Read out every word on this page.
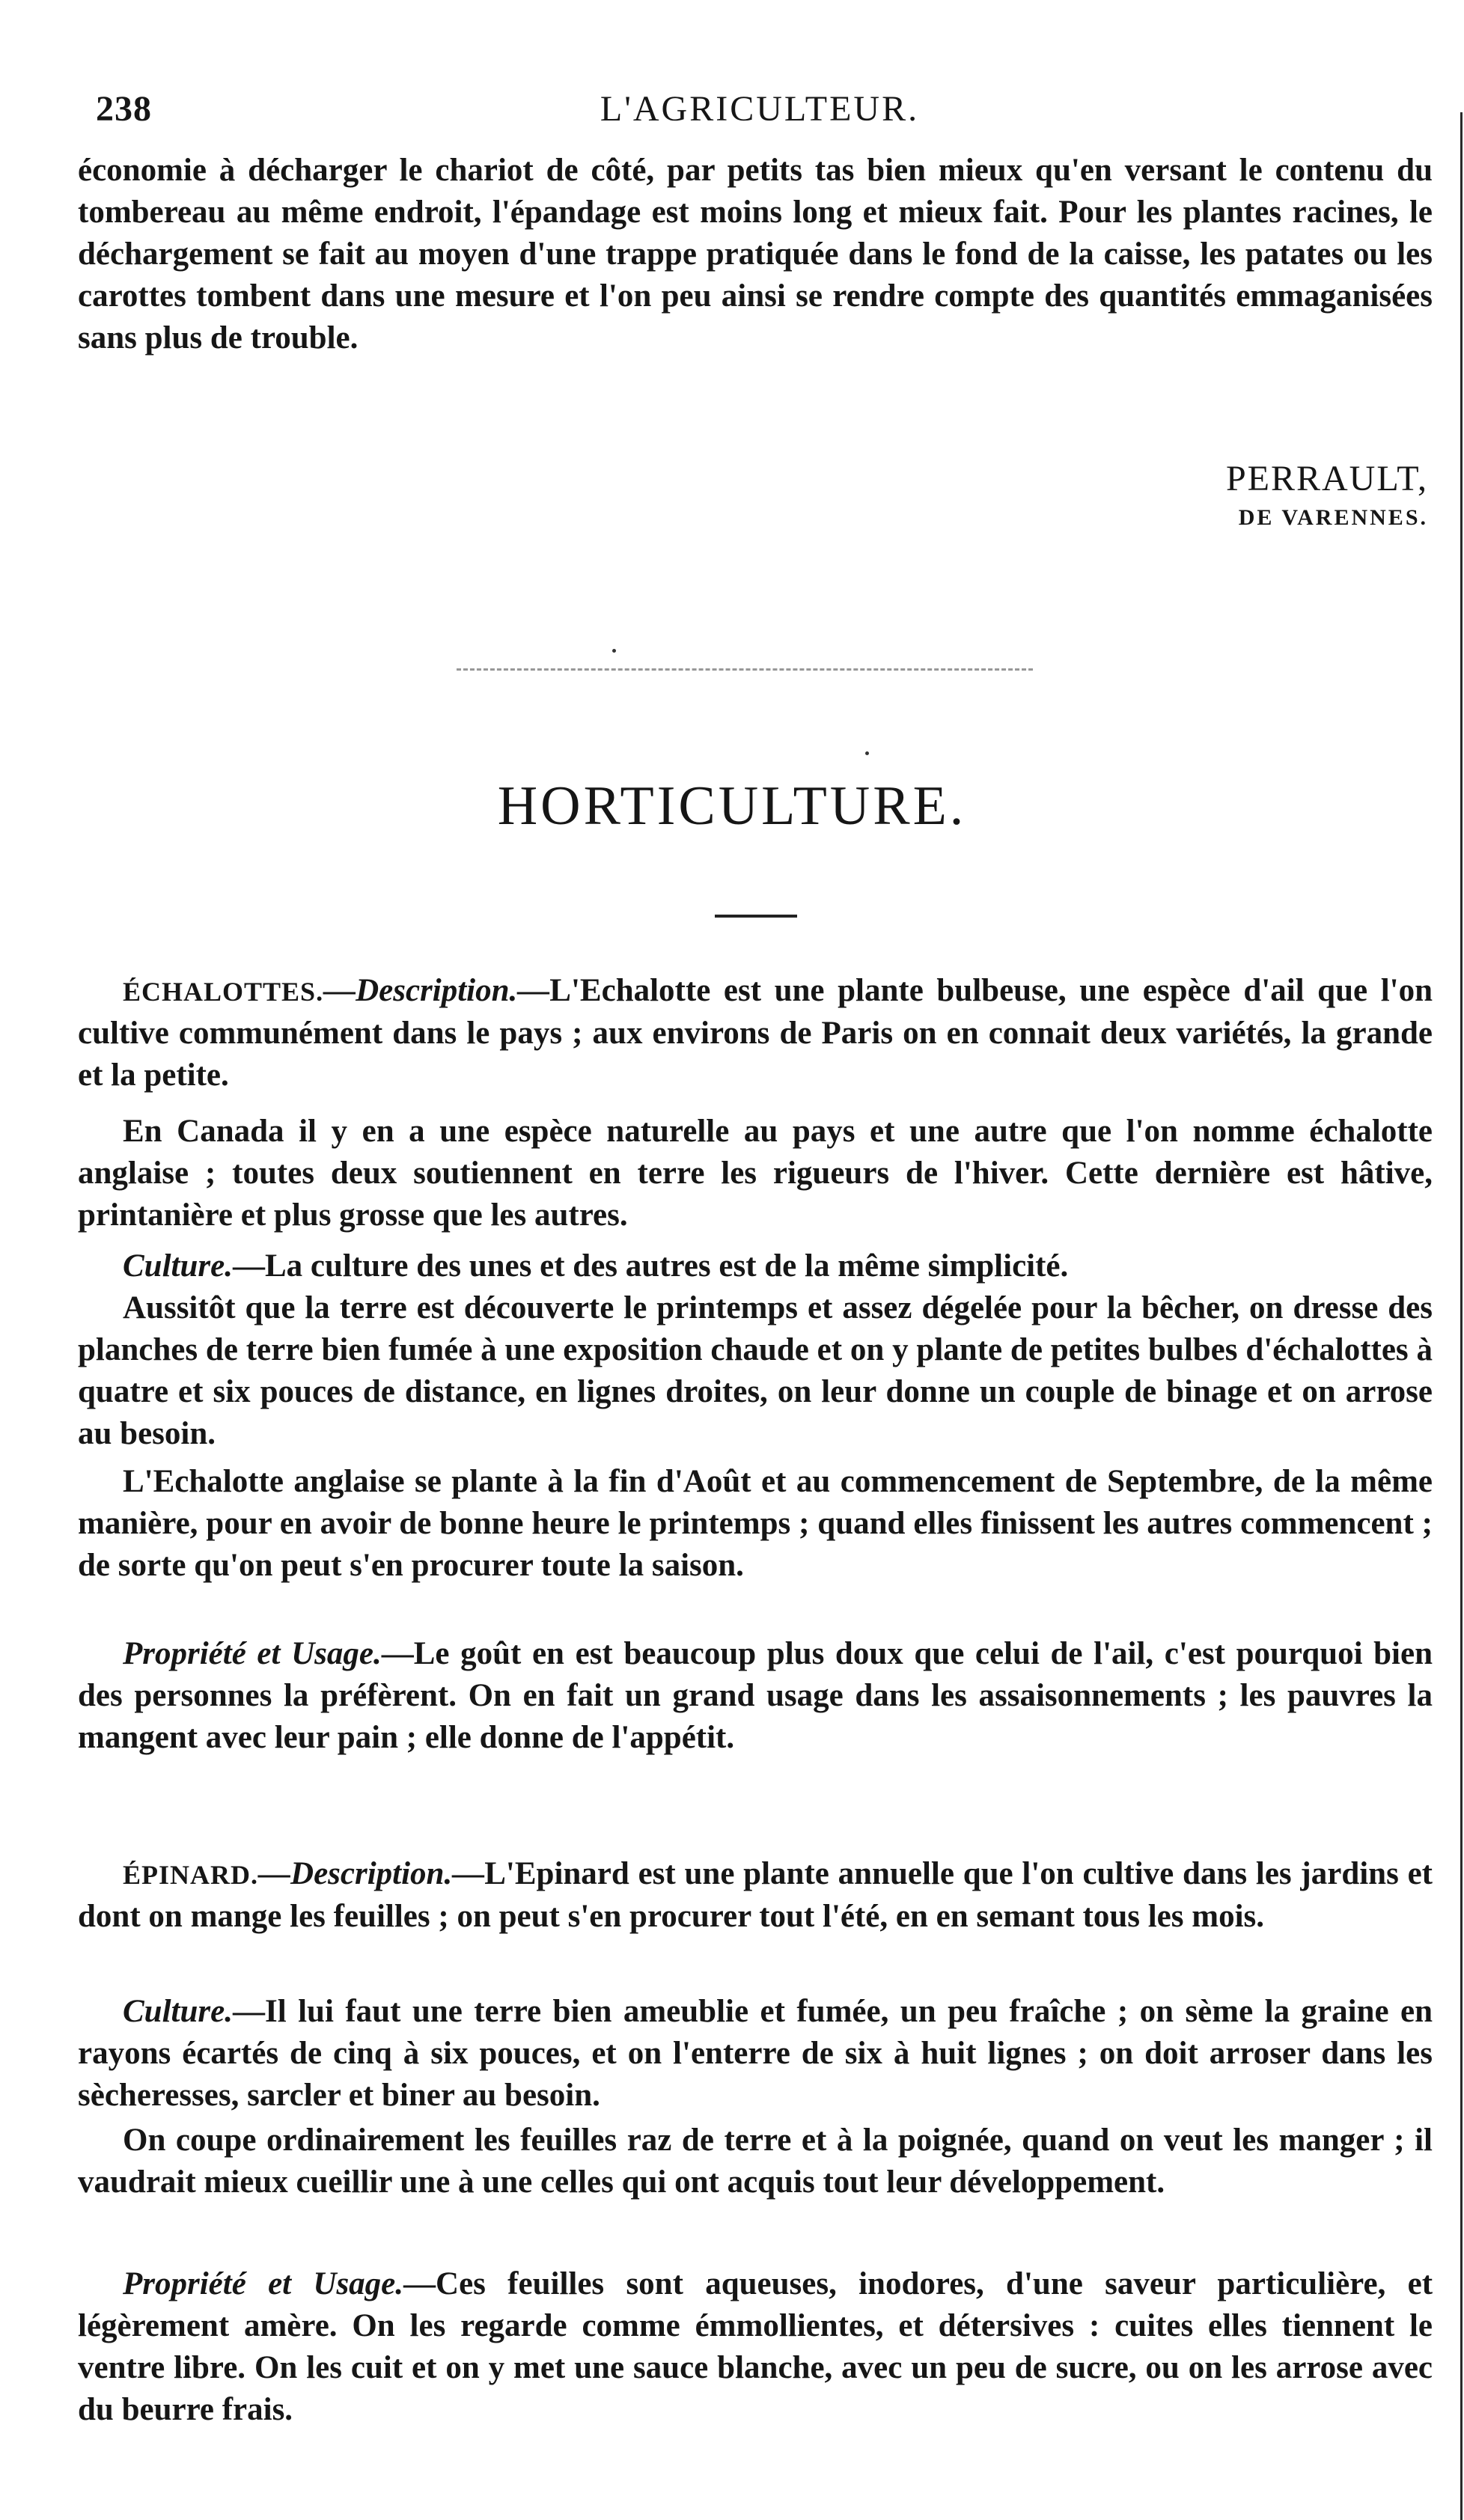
238	L'AGRICULTEUR.

économie à décharger le chariot de côté, par petits tas bien mieux qu'en versant le contenu du tombereau au même endroit, l'épandage est moins long et mieux fait. Pour les plantes racines, le déchargement se fait au moyen d'une trappe pratiquée dans le fond de la caisse, les patates ou les carottes tombent dans une mesure et l'on peu ainsi se rendre compte des quantités emmaganisées sans plus de trouble.

PERRAULT,
DE VARENNES.
HORTICULTURE.

ÉCHALOTTES.—Description.—L'Echalotte est une plante bulbeuse, une espèce d'ail que l'on cultive communément dans le pays ; aux environs de Paris on en connait deux variétés, la grande et la petite.

En Canada il y en a une espèce naturelle au pays et une autre que l'on nomme échalotte anglaise ; toutes deux soutiennent en terre les rigueurs de l'hiver. Cette dernière est hâtive, printanière et plus grosse que les autres.

Culture.—La culture des unes et des autres est de la même simplicité.

Aussitôt que la terre est découverte le printemps et assez dégelée pour la bêcher, on dresse des planches de terre bien fumée à une exposition chaude et on y plante de petites bulbes d'échalottes à quatre et six pouces de distance, en lignes droites, on leur donne un couple de binage et on arrose au besoin.

L'Echalotte anglaise se plante à la fin d'Août et au commencement de Septembre, de la même manière, pour en avoir de bonne heure le printemps ; quand elles finissent les autres commencent ; de sorte qu'on peut s'en procurer toute la saison.

Propriété et Usage.—Le goût en est beaucoup plus doux que celui de l'ail, c'est pourquoi bien des personnes la préfèrent. On en fait un grand usage dans les assaisonnements ; les pauvres la mangent avec leur pain ; elle donne de l'appétit.

ÉPINARD.—Description.—L'Epinard est une plante annuelle que l'on cultive dans les jardins et dont on mange les feuilles ; on peut s'en procurer tout l'été, en en semant tous les mois.

Culture.—Il lui faut une terre bien ameublie et fumée, un peu fraîche ; on sème la graine en rayons écartés de cinq à six pouces, et on l'enterre de six à huit lignes ; on doit arroser dans les sècheresses, sarcler et biner au besoin.

On coupe ordinairement les feuilles raz de terre et à la poignée, quand on veut les manger ; il vaudrait mieux cueillir une à une celles qui ont acquis tout leur développement.

Propriété et Usage.—Ces feuilles sont aqueuses, inodores, d'une saveur particulière, et légèrement amère. On les regarde comme émmollientes, et détersives : cuites elles tiennent le ventre libre. On les cuit et on y met une sauce blanche, avec un peu de sucre, ou on les arrose avec du beurre frais.
